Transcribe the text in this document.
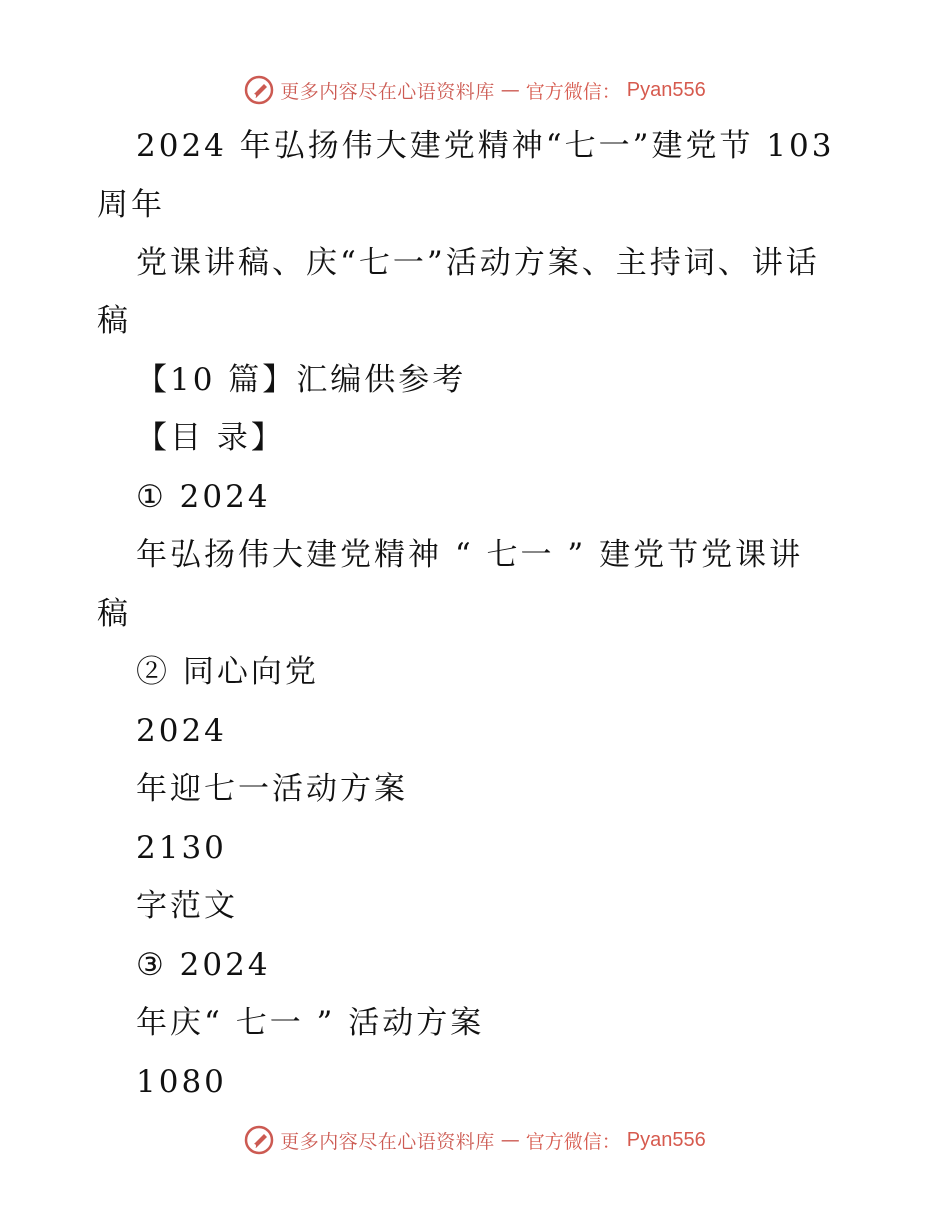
更多内容尽在心语资料库 — 官方微信： Pyan556
2024 年弘扬伟大建党精神“七一”建党节 103
周年
党课讲稿、庆“七一”活动方案、主持词、讲话
稿
【10 篇】汇编供参考
【目 录】
① 2024
年弘扬伟大建党精神 “ 七一 ” 建党节党课讲
稿
② 同心向党
2024
年迎七一活动方案
2130
字范文
③ 2024
年庆“ 七一 ” 活动方案
1080
更多内容尽在心语资料库 — 官方微信： Pyan556
